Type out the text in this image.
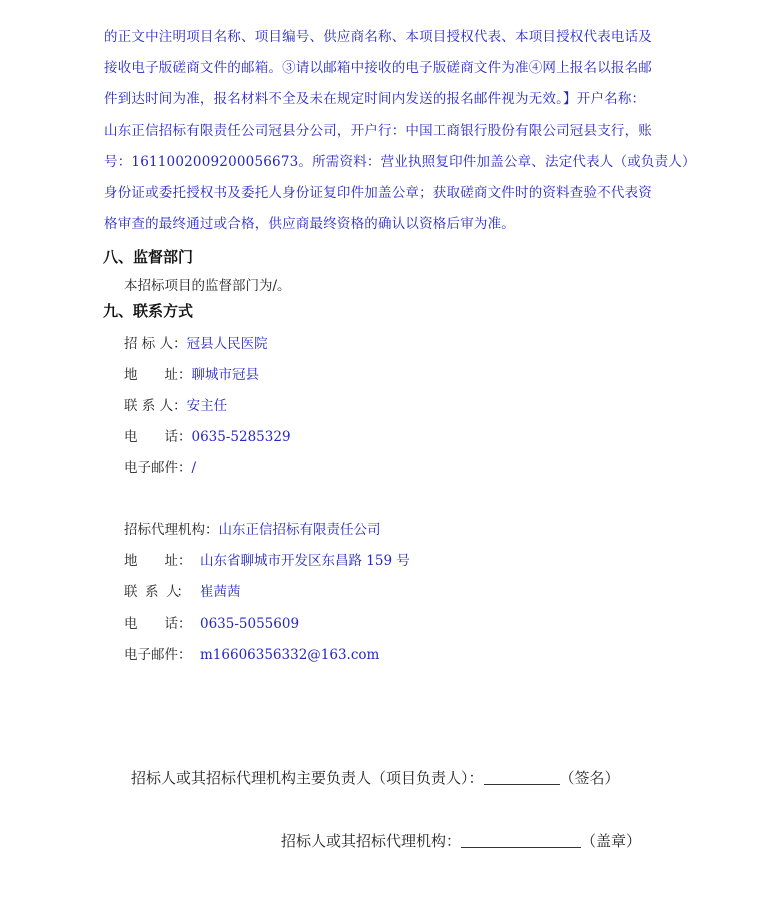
的正文中注明项目名称、项目编号、供应商名称、本项目授权代表、本项目授权代表电话及
接收电子版磋商文件的邮箱。③请以邮箱中接收的电子版磋商文件为准④网上报名以报名邮
件到达时间为准，报名材料不全及未在规定时间内发送的报名邮件视为无效。】开户名称：
山东正信招标有限责任公司冠县分公司，开户行：中国工商银行股份有限公司冠县支行，账
号：1611002009200056673。所需资料：营业执照复印件加盖公章、法定代表人（或负责人）
身份证或委托授权书及委托人身份证复印件加盖公章；获取磋商文件时的资料查验不代表资
格审查的最终通过或合格，供应商最终资格的确认以资格后审为准。
八、监督部门
本招标项目的监督部门为/。
九、联系方式
招 标 人：冠县人民医院
地　　址：聊城市冠县
联 系 人：安主任
电　　话：0635-5285329
电子邮件：/
招标代理机构：山东正信招标有限责任公司
地　　址： 山东省聊城市开发区东昌路 159 号
联　系　人： 崔茜茜
电　　话： 0635-5055609
电子邮件： m16606356332@163.com
招标人或其招标代理机构主要负责人（项目负责人）：	（签名）
招标人或其招标代理机构：	（盖章）
